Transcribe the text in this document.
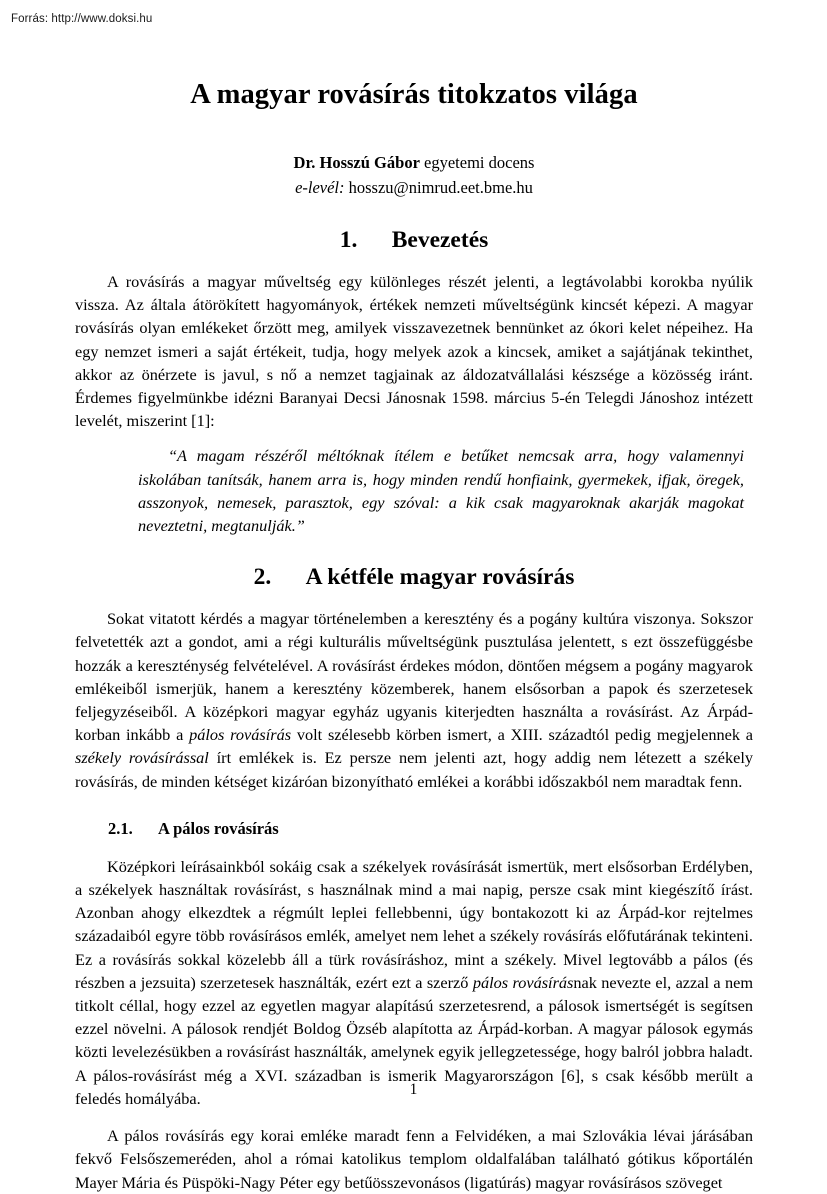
Forrás: http://www.doksi.hu
A magyar rovásírás titokzatos világa
Dr. Hosszú Gábor egyetemi docens
e-levél: hosszu@nimrud.eet.bme.hu
1. Bevezetés

A rovásírás a magyar műveltség egy különleges részét jelenti, a legtávolabbi korokba nyúlik vissza. Az általa átörökített hagyományok, értékek nemzeti műveltségünk kincsét képezi. A magyar rovásírás olyan emlékeket őrzött meg, amilyek visszavezetnek bennünket az ókori kelet népeihez. Ha egy nemzet ismeri a saját értékeit, tudja, hogy melyek azok a kincsek, amiket a sajátjának tekinthet, akkor az önérzete is javul, s nő a nemzet tagjainak az áldozatvállalási készsége a közösség iránt. Érdemes figyelmünkbe idézni Baranyai Decsi Jánosnak 1598. március 5-én Telegdi Jánoshoz intézett levelét, miszerint [1]:

“A magam részéről méltóknak ítélem e betűket nemcsak arra, hogy valamennyi iskolában tanítsák, hanem arra is, hogy minden rendű honfiaink, gyermekek, ifjak, öregek, asszonyok, nemesek, parasztok, egy szóval: a kik csak magyaroknak akarják magokat neveztetni, megtanulják.”
2. A kétféle magyar rovásírás

Sokat vitatott kérdés a magyar történelemben a keresztény és a pogány kultúra viszonya. Sokszor felvetették azt a gondot, ami a régi kulturális műveltségünk pusztulása jelentett, s ezt összefüggésbe hozzák a kereszténység felvételével. A rovásírást érdekes módon, döntően mégsem a pogány magyarok emlékeiből ismerjük, hanem a keresztény közemberek, hanem elsősorban a papok és szerzetesek feljegyzéseiből. A középkori magyar egyház ugyanis kiterjedten használta a rovásírást. Az Árpád-korban inkább a pálos rovásírás volt szélesebb körben ismert, a XIII. századtól pedig megjelennek a székely rovásírással írt emlékek is. Ez persze nem jelenti azt, hogy addig nem létezett a székely rovásírás, de minden kétséget kizáróan bizonyítható emlékei a korábbi időszakból nem maradtak fenn.

2.1. A pálos rovásírás

Középkori leírásainkból sokáig csak a székelyek rovásírását ismertük, mert elsősorban Erdélyben, a székelyek használtak rovásírást, s használnak mind a mai napig, persze csak mint kiegészítő írást. Azonban ahogy elkezdtek a régmúlt leplei fellebbenni, úgy bontakozott ki az Árpád-kor rejtelmes századaiból egyre több rovásírásos emlék, amelyet nem lehet a székely rovásírás előfutárának tekinteni. Ez a rovásírás sokkal közelebb áll a türk rovásíráshoz, mint a székely. Mivel legtovább a pálos (és részben a jezsuita) szerzetesek használták, ezért ezt a szerző pálos rovásírásnak nevezte el, azzal a nem titkolt céllal, hogy ezzel az egyetlen magyar alapítású szerzetesrend, a pálosok ismertségét is segítsen ezzel növelni. A pálosok rendjét Boldog Özséb alapította az Árpád-korban. A magyar pálosok egymás közti levelezésükben a rovásírást használták, amelynek egyik jellegzetessége, hogy balról jobbra haladt. A pálos-rovásírást még a XVI. században is ismerik Magyarországon [6], s csak később merült a feledés homályába.

A pálos rovásírás egy korai emléke maradt fenn a Felvidéken, a mai Szlovákia lévai járásában fekvő Felsőszemeréden, ahol a római katolikus templom oldalfalában található gótikus kőportálén Mayer Mária és Püspöki-Nagy Péter egy betűösszevonásos (ligatúrás) magyar rovásírásos szöveget

1
